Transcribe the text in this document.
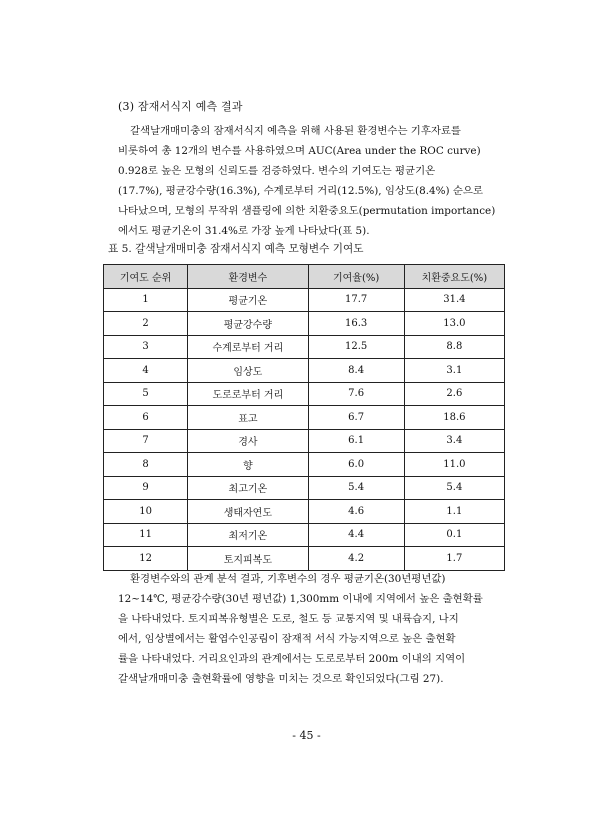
(3) 잠재서식지 예측 결과
갈색날개매미충의 잠재서식지 예측을 위해 사용된 환경변수는 기후자료를
비롯하여 총 12개의 변수를 사용하였으며 AUC(Area under the ROC curve)
0.928로 높은 모형의 신뢰도를 검증하였다. 변수의 기여도는 평균기온
(17.7%), 평균강수량(16.3%), 수계로부터 거리(12.5%), 임상도(8.4%) 순으로
나타났으며, 모형의 무작위 샘플링에 의한 치환중요도(permutation importance)
에서도 평균기온이 31.4%로 가장 높게 나타났다(표 5).
표 5. 갈색날개매미충 잠재서식지 예측 모형변수 기여도
기여도 순위	환경변수	기여율(%)	치환중요도(%)
1	평균기온	17.7	31.4
2	평균강수량	16.3	13.0
3	수계로부터 거리	12.5	8.8
4	임상도	8.4	3.1
5	도로로부터 거리	7.6	2.6
6	표고	6.7	18.6
7	경사	6.1	3.4
8	향	6.0	11.0
9	최고기온	5.4	5.4
10	생태자연도	4.6	1.1
11	최저기온	4.4	0.1
12	토지피복도	4.2	1.7
환경변수와의 관계 분석 결과, 기후변수의 경우 평균기온(30년평년값)
12~14℃, 평균강수량(30년 평년값) 1,300mm 이내에 지역에서 높은 출현확률
을 나타내었다. 토지피복유형별은 도로, 철도 등 교통지역 및 내륙습지, 나지
에서, 임상별에서는 활엽수인공림이 잠재적 서식 가능지역으로 높은 출현확
률을 나타내었다. 거리요인과의 관계에서는 도로로부터 200m 이내의 지역이
갈색날개매미충 출현확률에 영향을 미치는 것으로 확인되었다(그림 27).
- 45 -
